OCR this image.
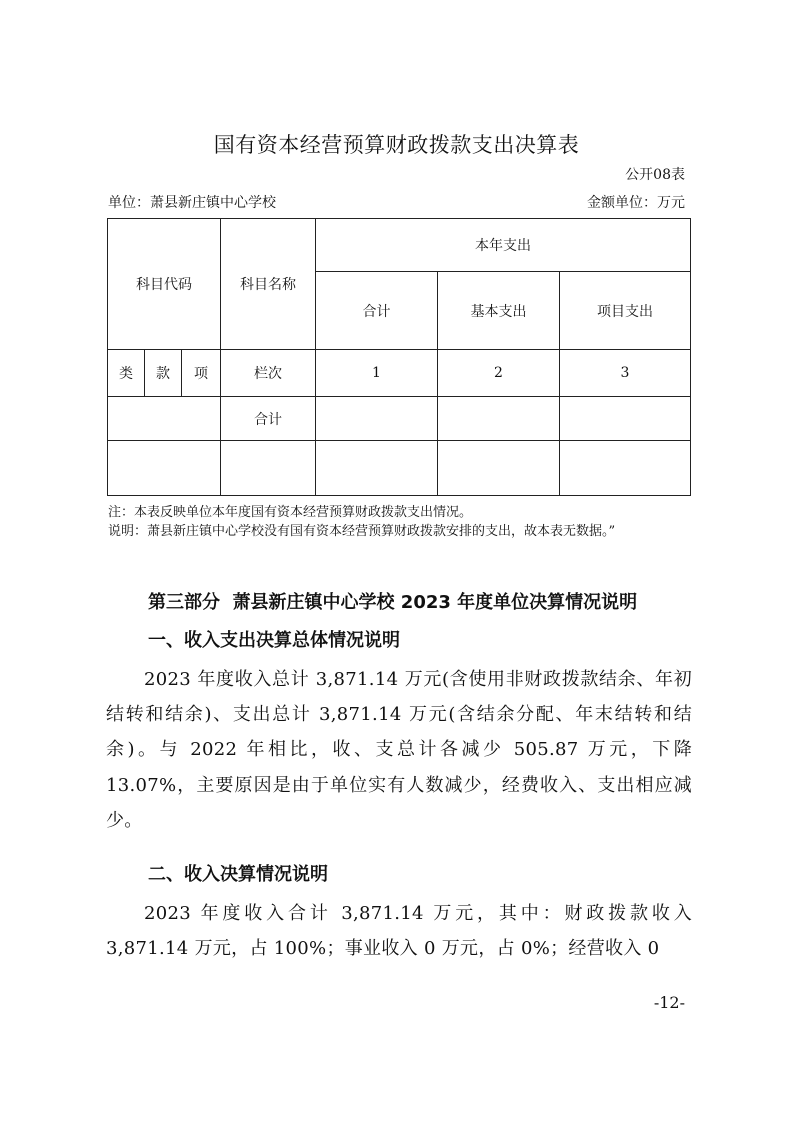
国有资本经营预算财政拨款支出决算表
公开08表
单位：萧县新庄镇中心学校	金额单位：万元
科目代码			科目名称	本年支出		
				合计	基本支出	项目支出
类	款	项	栏次	1	2	3
			合计			

注：本表反映单位本年度国有资本经营预算财政拨款支出情况。
说明：萧县新庄镇中心学校没有国有资本经营预算财政拨款安排的支出，故本表无数据。”
第三部分  萧县新庄镇中心学校 2023 年度单位决算情况说明
一、收入支出决算总体情况说明
2023 年度收入总计 3,871.14 万元(含使用非财政拨款结余、年初结转和结余)、支出总计 3,871.14 万元(含结余分配、年末结转和结余)。与 2022 年相比，收、支总计各减少 505.87 万元，下降 13.07%，主要原因是由于单位实有人数减少，经费收入、支出相应减少。
二、收入决算情况说明
2023 年度收入合计 3,871.14 万元，其中：财政拨款收入 3,871.14 万元，占 100%；事业收入 0 万元，占 0%；经营收入 0
-12-
